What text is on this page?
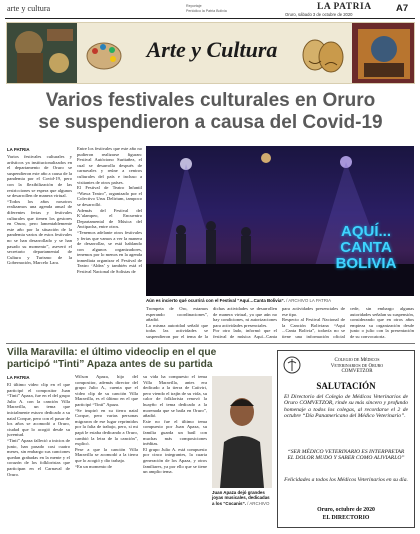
arte y cultura	Reportaje
Periódico la Patria Bolivia	LA PATRIA
Oruro, sábado 3 de octubre de 2020
A7
Arte y Cultura
Varios festivales culturales en Oruro
se suspendieron a causa del Covid-19
LA PATRIA
Varios festivales culturales y artísticos ya institucionalizados en el departamento de Oruro se suspendieron este año a causa de la pandemia por el Covid-19, pero con la flexibilización de las restricciones se espera que algunos se desarrollen de manera virtual.
“Todos los años nosotros realizamos una agenda anual de diferentes ferias y festivales culturales que tienen los gestores en Oruro, pero lamentablemente este año por la situación de la pandemia varios de estos festivales no se han desarrollado y se han pasado su momento”, aseveró el secretario departamental de Cultura y Turismo de la Gobernación, Marcelo Lara.
Entre los festivales que este año no pudieron realizarse figuran: Festival Autóctono Suritañez, el cual se desarrolla después de carnavales y reúne a centros culturales del país e incluso a visitantes de otros países.
El Festival de Teatro Infantil “Wawa Teatro”, organizado por el Colectivo Urus Delirium, tampoco se desarrolló.
Además del Festival del K’alampeo, el Encuentro Departamental de Música del Awtipacha, entre otros.
“Tenemos adelante otros festivales y ferias que vamos a ver la manera de desarrollar, se está hablando con algunos organizadores, tenemos por lo menos en la agenda inmediata organizar el Festival de Teatro ‘Aldea’ y también está el Festival Nacional de Solistas de
AQUÍ... CANTA BOLIVIA
Aún es incierto qué ocurrirá con el Festival “Aquí…Canta Bolivia”. / ARCHIVO LA PATRIA
Trompeta de Oro, estamos esperando coordinaciones”, añadió.
La misma autoridad señaló que todas las actividades se suspendieron por el tema de la
dichas actividades se desarrollen de manera virtual, ya que aún no hay condiciones, ni autorizaciones para actividades presenciales.
Por otro lado, informó que el festival de música Aquí...Canta
para actividades presenciales de ese tipo.
Respecto al Festival Nacional de la Canción Boliviana “Aquí ...Canta Bolivia”, todavía no se tiene una información oficial
cede, sin embargo algunas autoridades señalan su suspensión, considerando que en otros años empieza su organización desde junio o julio con la presentación de su convocatoria.
Villa Maravilla: el último videoclip en el que
participó “Tinti” Apaza antes de su partida
LA PATRIA
El último video clip en el que participó el compositor Juan “Tinti” Apaza, fue en el del grupo Julio A. con la canción Villa Maravilla, un tema que inicialmente estuvo dedicado a su natal Corque, pero con el pasar de los años se acomodó a Oruro, ciudad que lo acogió desde su juventud.
“Tinti” Apaza falleció a inicios de junio, han pasado casi cuatro meses, sin embargo sus canciones quedan grabadas en la mente y el corazón de los folkloristas que participan en el Carnaval de Oruro.
Wilson Apaza, hijo del compositor, además director del grupo Julio A., cuenta que el video clip de su canción Villa Maravilla, es el último en el que participó “Tinti” Apaza.
“Se inspiró en su tierra natal Corque, pero varias personas migraron de ese lugar reprimidos por la falta de trabajo, pero, si mi papá le estaba dedicando a Oruro, cambió la letra de la canción”, explicó.
Pese a que la canción Villa Maravilla se acomodó a la tierra que lo acogió y dio trabajo.
“En un momento de
su vida ha compuesto el tema Villa Maravilla, antes era dedicado a la tierra de Caiiviri, pero viendo el trajín de su vida, su calor de folklorista renovó la huayño el tema dedicado a la morenada que se baila en Oruro”, añadió.
Este no fue el último tema compuesto por Juan Apaza, su familia guarda un baúl con muchas más composiciones inéditas.
El grupo Julio A. está compuesto por cinco integrantes, la cuarta generación de los Apaza, y otros familiares, ya por ello que se tiene un amplio tema.
Juan Apaza dejó grandes joyas musicales, dedicadas a los “Cocanis”. / ARCHIVO
Colegio de Médicos
Veterinarios de Oruro
COMVETZOR
SALUTACIÓN
El Directorio del Colegio de Médicos Veterinarios de Oruro COMVETZOR, rinde su más sincero y profundo homenaje a todos los colegas, al recordarse el 2 de octubre “Día Panamericano del Médico Veterinario”.
“SER MÉDICO VETERINARIO ES INTERPRETAR EL DOLOR MUDO Y SABER COMO ALIVIARLO”
Felicidades a todos los Médicos Veterinarios en su día.
Oruro, octubre de 2020
EL DIRECTORIO
